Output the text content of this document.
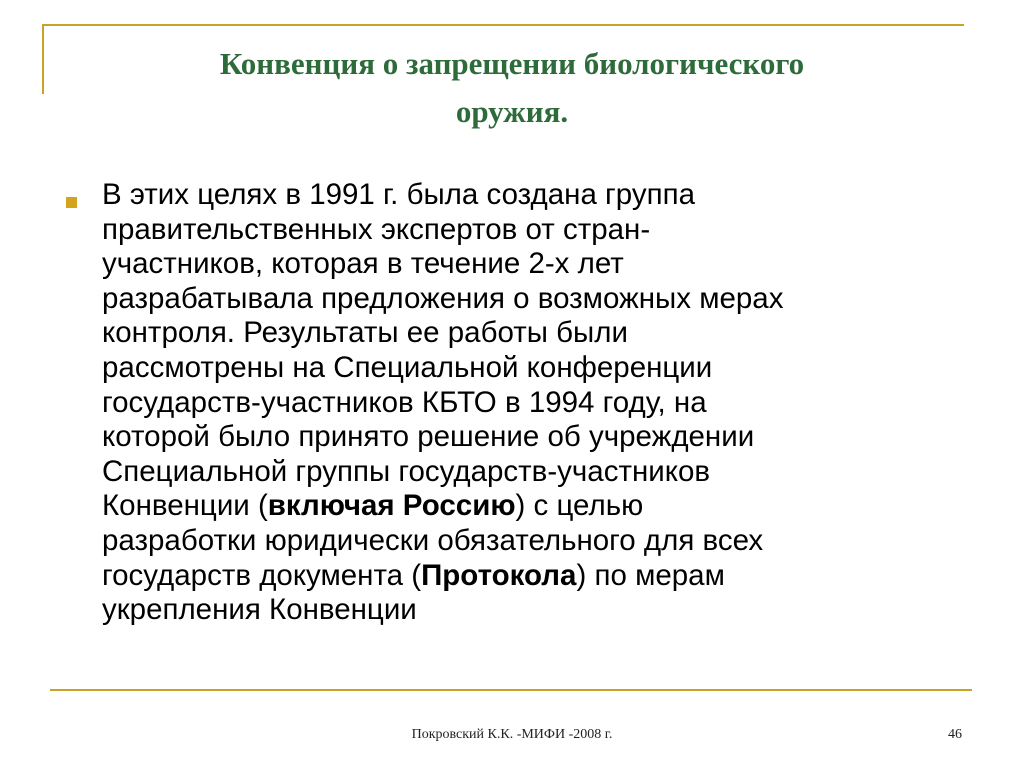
Конвенция о запрещении биологического
оружия.
В этих целях в 1991 г. была создана группа
правительственных экспертов от стран-
участников, которая в течение 2-х лет
разрабатывала предложения о возможных мерах
контроля. Результаты ее работы были
рассмотрены на Специальной конференции
государств-участников КБТО в 1994 году, на
которой было принято решение об учреждении
Специальной группы государств-участников
Конвенции (включая Россию) с целью
разработки юридически обязательного для всех
государств документа (Протокола) по мерам
укрепления Конвенции
Покровский К.К. -МИФИ -2008 г.	46
